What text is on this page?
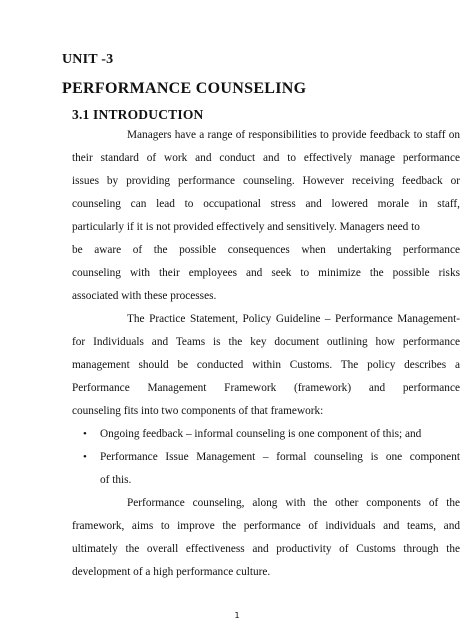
UNIT -3
PERFORMANCE COUNSELING
3.1 INTRODUCTION
Managers have a range of responsibilities to provide feedback to staff on
their standard of work and conduct and to effectively manage performance
issues by providing performance counseling. However receiving feedback or
counseling can lead to occupational stress and lowered morale in staff,
particularly if it is not provided effectively and sensitively. Managers need to
be aware of the possible consequences when undertaking performance
counseling with their employees and seek to minimize the possible risks
associated with these processes.
The Practice Statement, Policy Guideline – Performance Management-
for Individuals and Teams is the key document outlining how performance
management should be conducted within Customs. The policy describes a
Performance Management Framework (framework) and performance
counseling fits into two components of that framework:
• Ongoing feedback – informal counseling is one component of this; and
• Performance Issue Management – formal counseling is one component
of this.
Performance counseling, along with the other components of the
framework, aims to improve the performance of individuals and teams, and
ultimately the overall effectiveness and productivity of Customs through the
development of a high performance culture.
1
